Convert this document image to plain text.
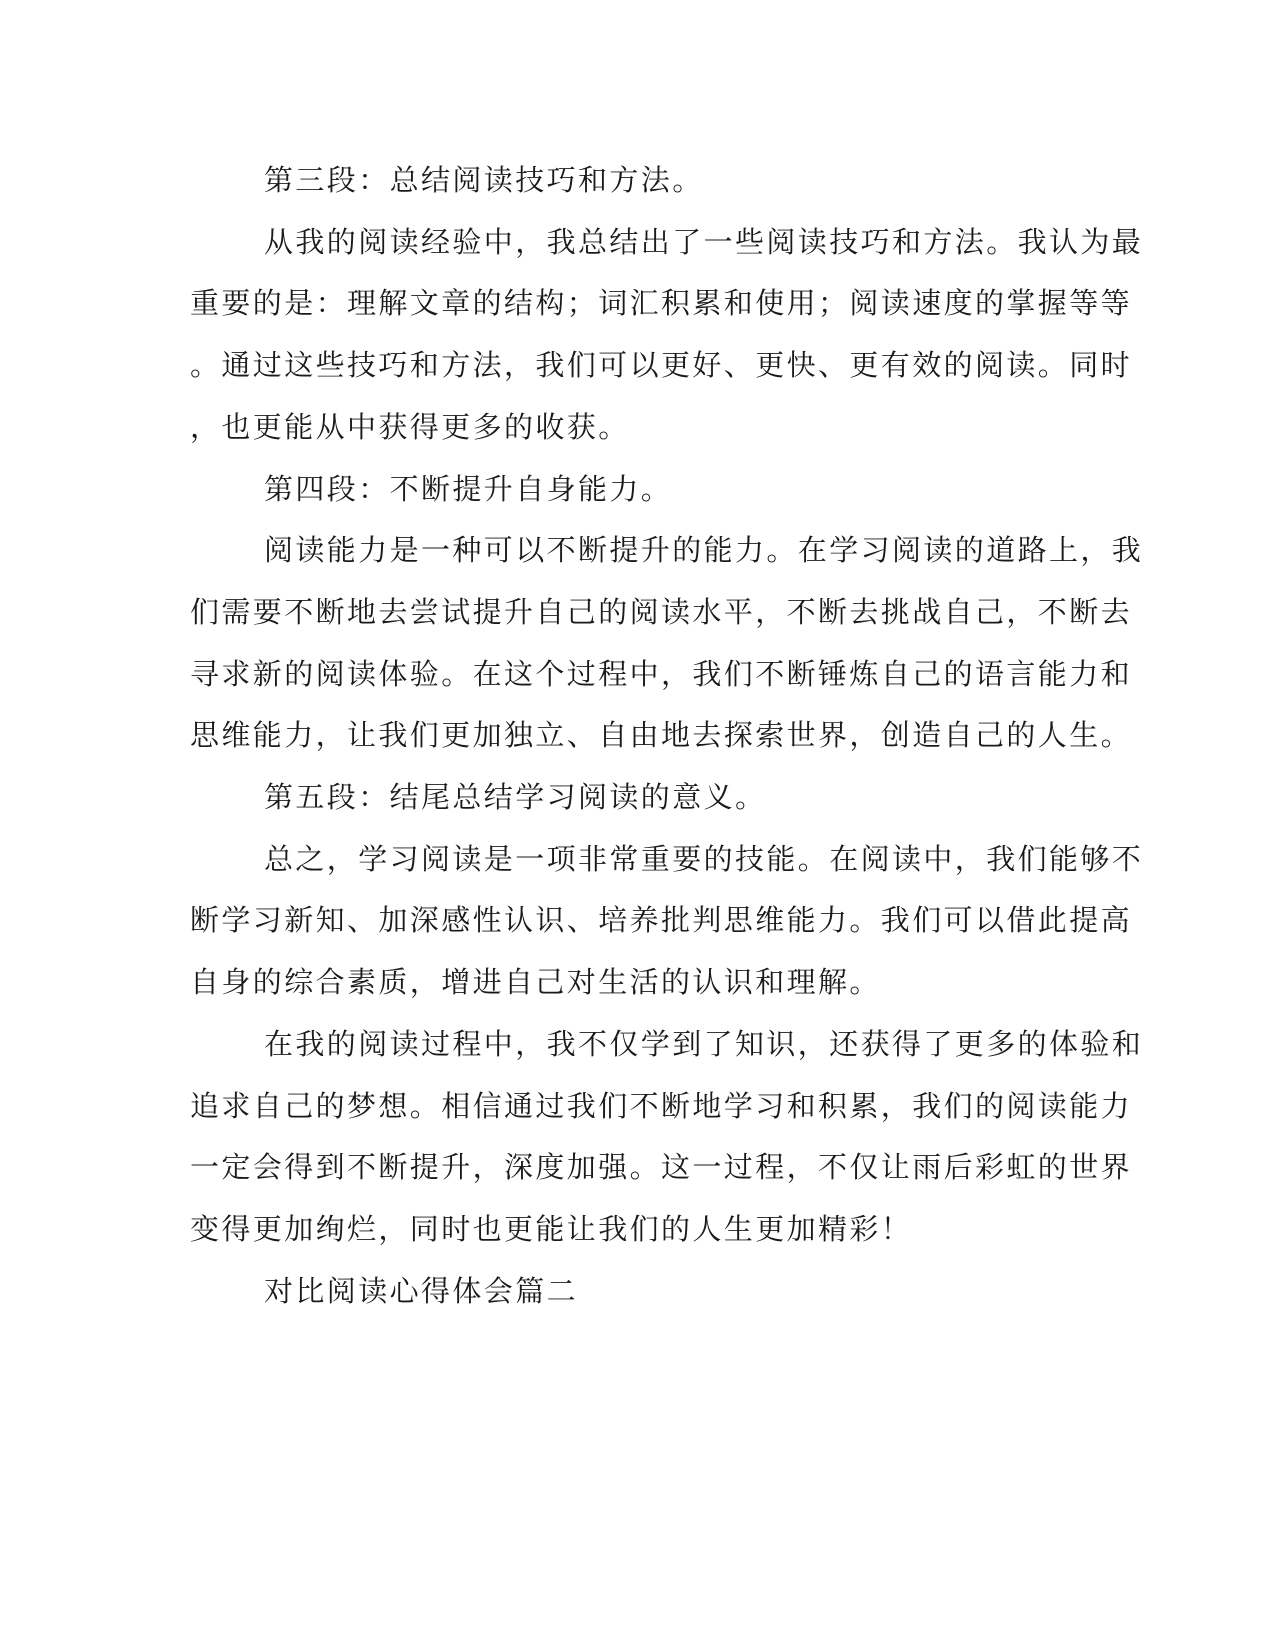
第三段：总结阅读技巧和方法。

从我的阅读经验中，我总结出了一些阅读技巧和方法。我认为最
重要的是：理解文章的结构；词汇积累和使用；阅读速度的掌握等等
。通过这些技巧和方法，我们可以更好、更快、更有效的阅读。同时
，也更能从中获得更多的收获。

第四段：不断提升自身能力。

阅读能力是一种可以不断提升的能力。在学习阅读的道路上，我
们需要不断地去尝试提升自己的阅读水平，不断去挑战自己，不断去
寻求新的阅读体验。在这个过程中，我们不断锤炼自己的语言能力和
思维能力，让我们更加独立、自由地去探索世界，创造自己的人生。

第五段：结尾总结学习阅读的意义。

总之，学习阅读是一项非常重要的技能。在阅读中，我们能够不
断学习新知、加深感性认识、培养批判思维能力。我们可以借此提高
自身的综合素质，增进自己对生活的认识和理解。

在我的阅读过程中，我不仅学到了知识，还获得了更多的体验和
追求自己的梦想。相信通过我们不断地学习和积累，我们的阅读能力
一定会得到不断提升，深度加强。这一过程，不仅让雨后彩虹的世界
变得更加绚烂，同时也更能让我们的人生更加精彩！

对比阅读心得体会篇二
